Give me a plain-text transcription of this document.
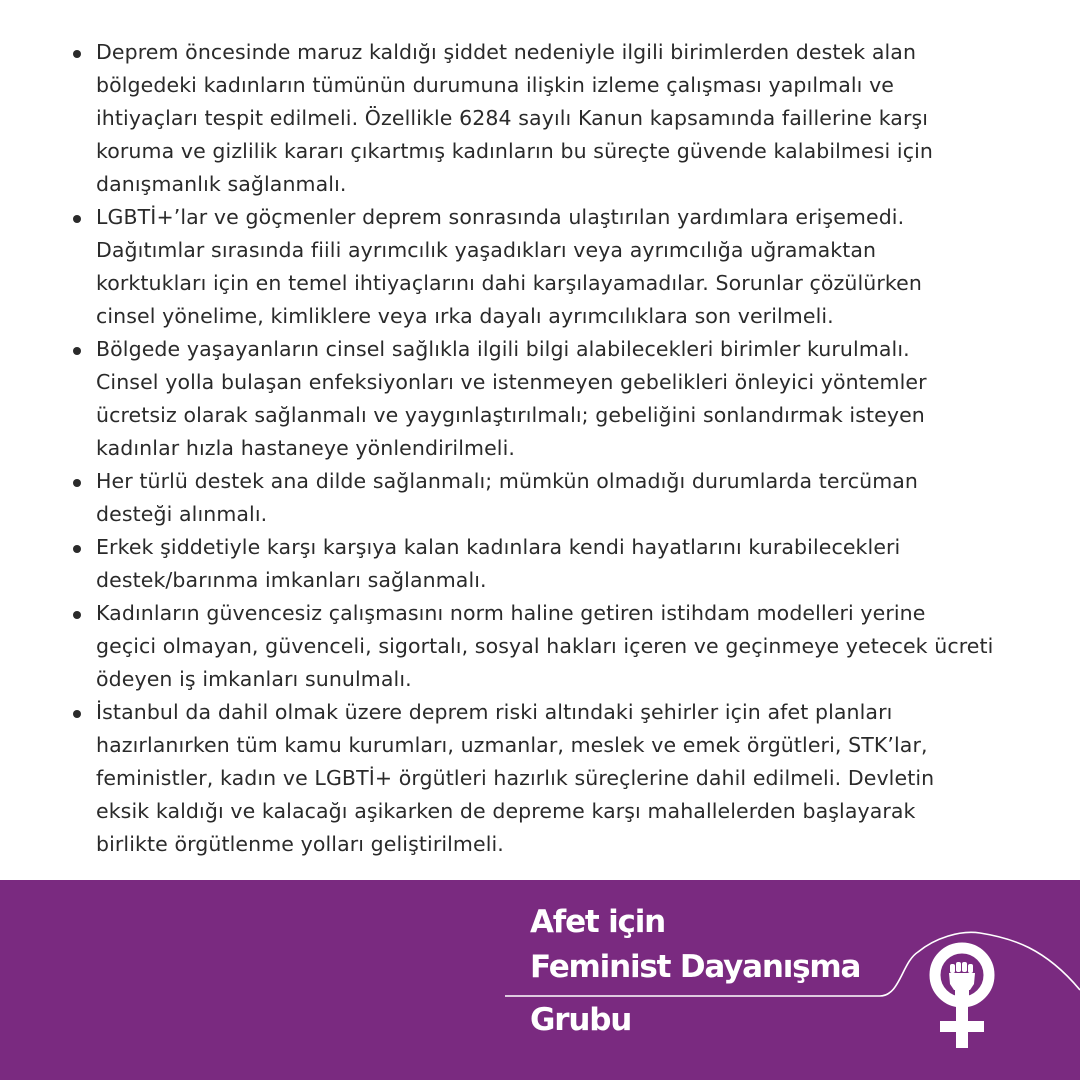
Deprem öncesinde maruz kaldığı şiddet nedeniyle ilgili birimlerden destek alan
bölgedeki kadınların tümünün durumuna ilişkin izleme çalışması yapılmalı ve
ihtiyaçları tespit edilmeli. Özellikle 6284 sayılı Kanun kapsamında faillerine karşı
koruma ve gizlilik kararı çıkartmış kadınların bu süreçte güvende kalabilmesi için
danışmanlık sağlanmalı.
LGBTİ+’lar ve göçmenler deprem sonrasında ulaştırılan yardımlara erişemedi.
Dağıtımlar sırasında fiili ayrımcılık yaşadıkları veya ayrımcılığa uğramaktan
korktukları için en temel ihtiyaçlarını dahi karşılayamadılar. Sorunlar çözülürken
cinsel yönelime, kimliklere veya ırka dayalı ayrımcılıklara son verilmeli.
Bölgede yaşayanların cinsel sağlıkla ilgili bilgi alabilecekleri birimler kurulmalı.
Cinsel yolla bulaşan enfeksiyonları ve istenmeyen gebelikleri önleyici yöntemler
ücretsiz olarak sağlanmalı ve yaygınlaştırılmalı; gebeliğini sonlandırmak isteyen
kadınlar hızla hastaneye yönlendirilmeli.
Her türlü destek ana dilde sağlanmalı; mümkün olmadığı durumlarda tercüman
desteği alınmalı.
Erkek şiddetiyle karşı karşıya kalan kadınlara kendi hayatlarını kurabilecekleri
destek/barınma imkanları sağlanmalı.
Kadınların güvencesiz çalışmasını norm haline getiren istihdam modelleri yerine
geçici olmayan, güvenceli, sigortalı, sosyal hakları içeren ve geçinmeye yetecek ücreti
ödeyen iş imkanları sunulmalı.
İstanbul da dahil olmak üzere deprem riski altındaki şehirler için afet planları
hazırlanırken tüm kamu kurumları, uzmanlar, meslek ve emek örgütleri, STK’lar,
feministler, kadın ve LGBTİ+ örgütleri hazırlık süreçlerine dahil edilmeli. Devletin
eksik kaldığı ve kalacağı aşikarken de depreme karşı mahallelerden başlayarak
birlikte örgütlenme yolları geliştirilmeli.
Afet için
Feminist Dayanışma
Grubu
